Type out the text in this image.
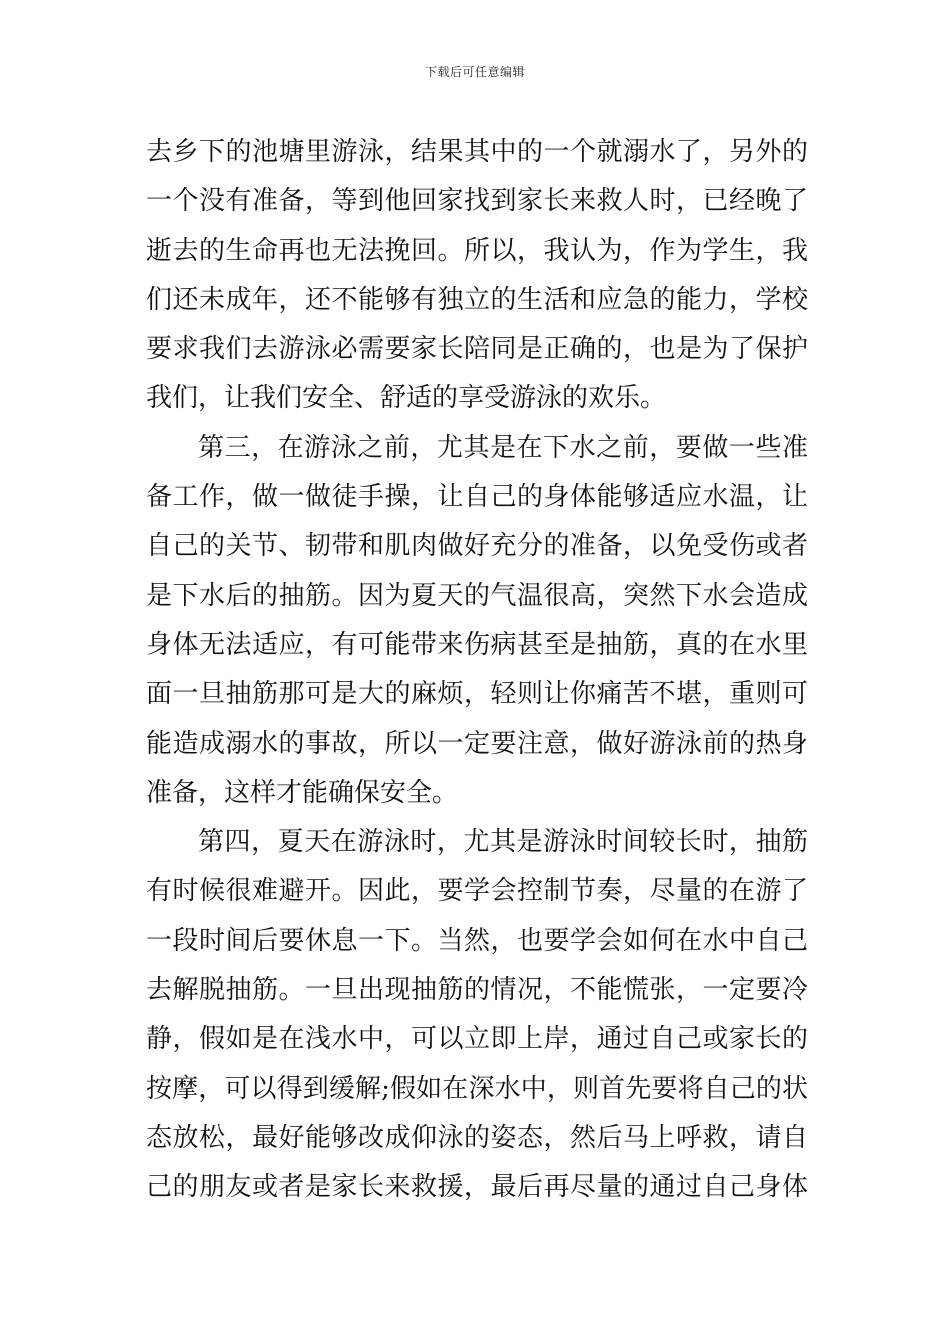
下载后可任意编辑
去乡下的池塘里游泳，结果其中的一个就溺水了，另外的
一个没有准备，等到他回家找到家长来救人时，已经晚了
逝去的生命再也无法挽回。所以，我认为，作为学生，我
们还未成年，还不能够有独立的生活和应急的能力，学校
要求我们去游泳必需要家长陪同是正确的，也是为了保护
我们，让我们安全、舒适的享受游泳的欢乐。
第三，在游泳之前，尤其是在下水之前，要做一些准
备工作，做一做徒手操，让自己的身体能够适应水温，让
自己的关节、韧带和肌肉做好充分的准备，以免受伤或者
是下水后的抽筋。因为夏天的气温很高，突然下水会造成
身体无法适应，有可能带来伤病甚至是抽筋，真的在水里
面一旦抽筋那可是大的麻烦，轻则让你痛苦不堪，重则可
能造成溺水的事故，所以一定要注意，做好游泳前的热身
准备，这样才能确保安全。
第四，夏天在游泳时，尤其是游泳时间较长时，抽筋
有时候很难避开。因此，要学会控制节奏，尽量的在游了
一段时间后要休息一下。当然，也要学会如何在水中自己
去解脱抽筋。一旦出现抽筋的情况，不能慌张，一定要冷
静，假如是在浅水中，可以立即上岸，通过自己或家长的
按摩，可以得到缓解;假如在深水中，则首先要将自己的状
态放松，最好能够改成仰泳的姿态，然后马上呼救，请自
己的朋友或者是家长来救援，最后再尽量的通过自己身体
